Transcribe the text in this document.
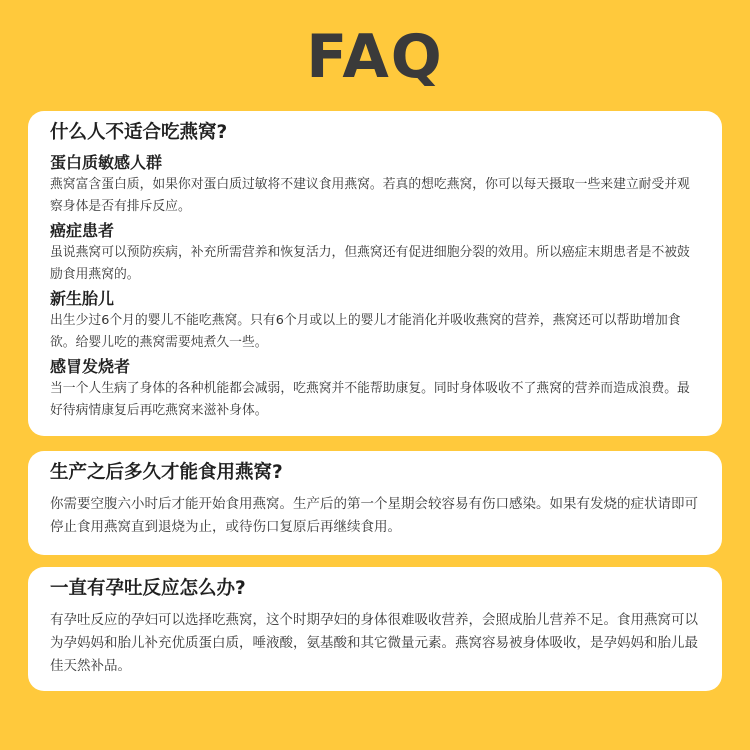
FAQ
什么人不适合吃燕窝?
蛋白质敏感人群
燕窝富含蛋白质，如果你对蛋白质过敏将不建议食用燕窝。若真的想吃燕窝，你可以每天摄取一些来建立耐受并观察身体是否有排斥反应。
癌症患者
虽说燕窝可以预防疾病，补充所需营养和恢复活力，但燕窝还有促进细胞分裂的效用。所以癌症末期患者是不被鼓励食用燕窝的。
新生胎儿
出生少过6个月的婴儿不能吃燕窝。只有6个月或以上的婴儿才能消化并吸收燕窝的营养，燕窝还可以帮助增加食欲。给婴儿吃的燕窝需要炖煮久一些。
感冒发烧者
当一个人生病了身体的各种机能都会减弱，吃燕窝并不能帮助康复。同时身体吸收不了燕窝的营养而造成浪费。最好待病情康复后再吃燕窝来滋补身体。
生产之后多久才能食用燕窝?
你需要空腹六小时后才能开始食用燕窝。生产后的第一个星期会较容易有伤口感染。如果有发烧的症状请即可停止食用燕窝直到退烧为止，或待伤口复原后再继续食用。
一直有孕吐反应怎么办?
有孕吐反应的孕妇可以选择吃燕窝，这个时期孕妇的身体很难吸收营养，会照成胎儿营养不足。食用燕窝可以为孕妈妈和胎儿补充优质蛋白质，唾液酸，氨基酸和其它微量元素。燕窝容易被身体吸收，是孕妈妈和胎儿最佳天然补品。
